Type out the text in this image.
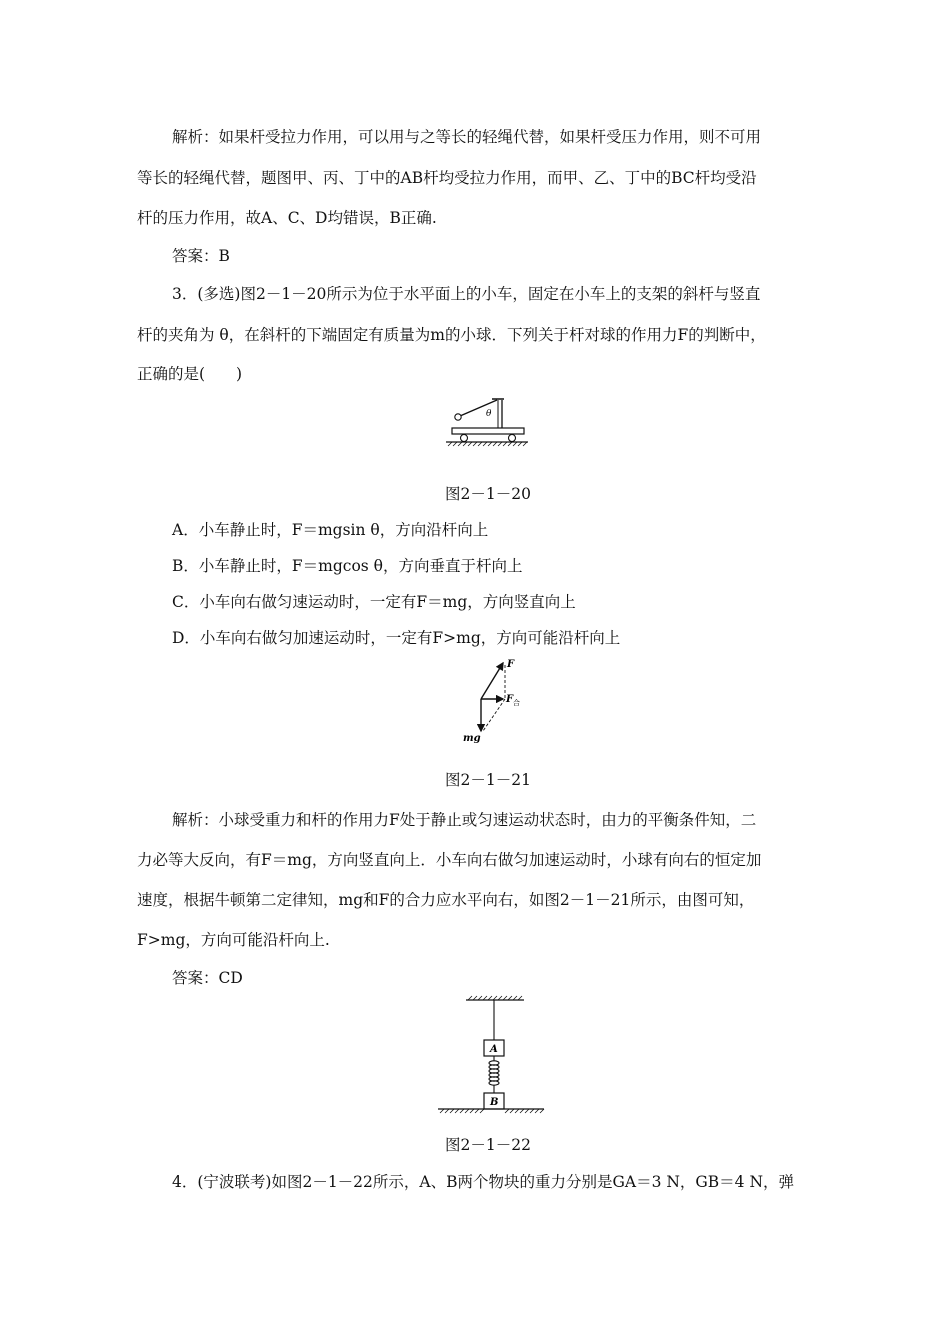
解析：如果杆受拉力作用，可以用与之等长的轻绳代替，如果杆受压力作用，则不可用
等长的轻绳代替，题图甲、丙、丁中的AB杆均受拉力作用，而甲、乙、丁中的BC杆均受沿
杆的压力作用，故A、C、D均错误，B正确.
答案：B
3．(多选)图2－1－20所示为位于水平面上的小车，固定在小车上的支架的斜杆与竖直
杆的夹角为 θ，在斜杆的下端固定有质量为m的小球．下列关于杆对球的作用力F的判断中，
正确的是(　　)
θ
图2－1－20
A．小车静止时，F＝mgsin θ，方向沿杆向上
B．小车静止时，F＝mgcos θ，方向垂直于杆向上
C．小车向右做匀速运动时，一定有F＝mg，方向竖直向上
D．小车向右做匀加速运动时，一定有F>mg，方向可能沿杆向上
F
F 合
mg
图2－1－21
解析：小球受重力和杆的作用力F处于静止或匀速运动状态时，由力的平衡条件知，二
力必等大反向，有F＝mg，方向竖直向上．小车向右做匀加速运动时，小球有向右的恒定加
速度，根据牛顿第二定律知，mg和F的合力应水平向右，如图2－1－21所示，由图可知，
F>mg，方向可能沿杆向上.
答案：CD
A
B
图2－1－22
4．(宁波联考)如图2－1－22所示，A、B两个物块的重力分别是GA＝3 N，GB＝4 N，弹
